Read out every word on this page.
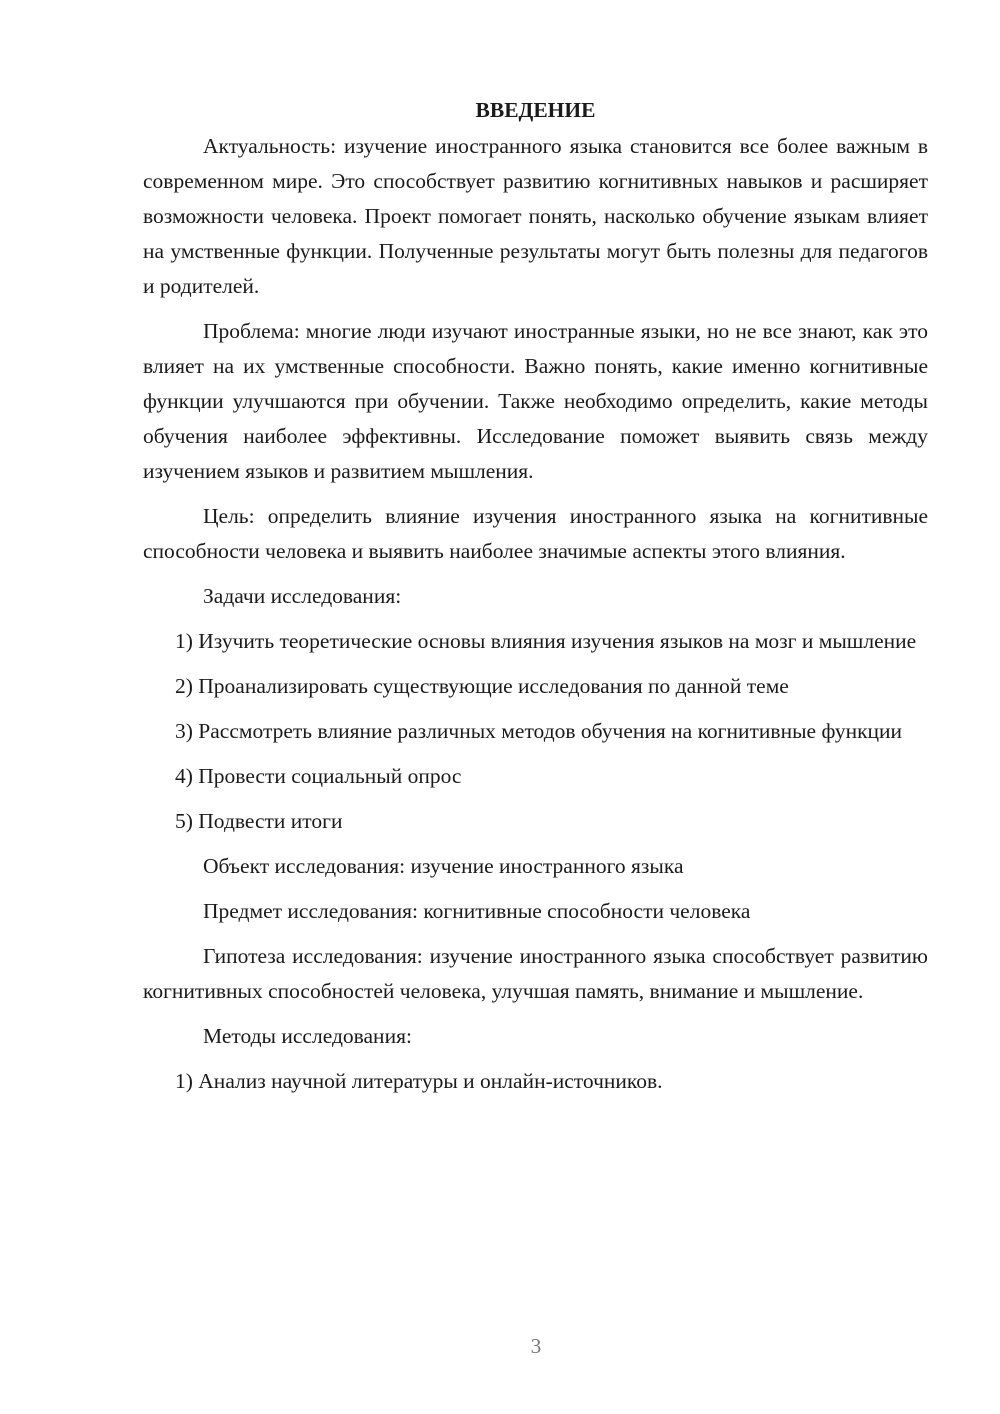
ВВЕДЕНИЕ

Актуальность: изучение иностранного языка становится все более важным в современном мире. Это способствует развитию когнитивных навыков и расширяет возможности человека. Проект помогает понять, насколько обучение языкам влияет на умственные функции. Полученные результаты могут быть полезны для педагогов и родителей.

Проблема: многие люди изучают иностранные языки, но не все знают, как это влияет на их умственные способности. Важно понять, какие именно когнитивные функции улучшаются при обучении. Также необходимо определить, какие методы обучения наиболее эффективны. Исследование поможет выявить связь между изучением языков и развитием мышления.

Цель: определить влияние изучения иностранного языка на когнитивные способности человека и выявить наиболее значимые аспекты этого влияния.

Задачи исследования:

1) Изучить теоретические основы влияния изучения языков на мозг и мышление

2) Проанализировать существующие исследования по данной теме

3) Рассмотреть влияние различных методов обучения на когнитивные функции

4) Провести социальный опрос

5) Подвести итоги

Объект исследования: изучение иностранного языка

Предмет исследования: когнитивные способности человека

Гипотеза исследования: изучение иностранного языка способствует развитию когнитивных способностей человека, улучшая память, внимание и мышление.

Методы исследования:

1) Анализ научной литературы и онлайн-источников.

3
